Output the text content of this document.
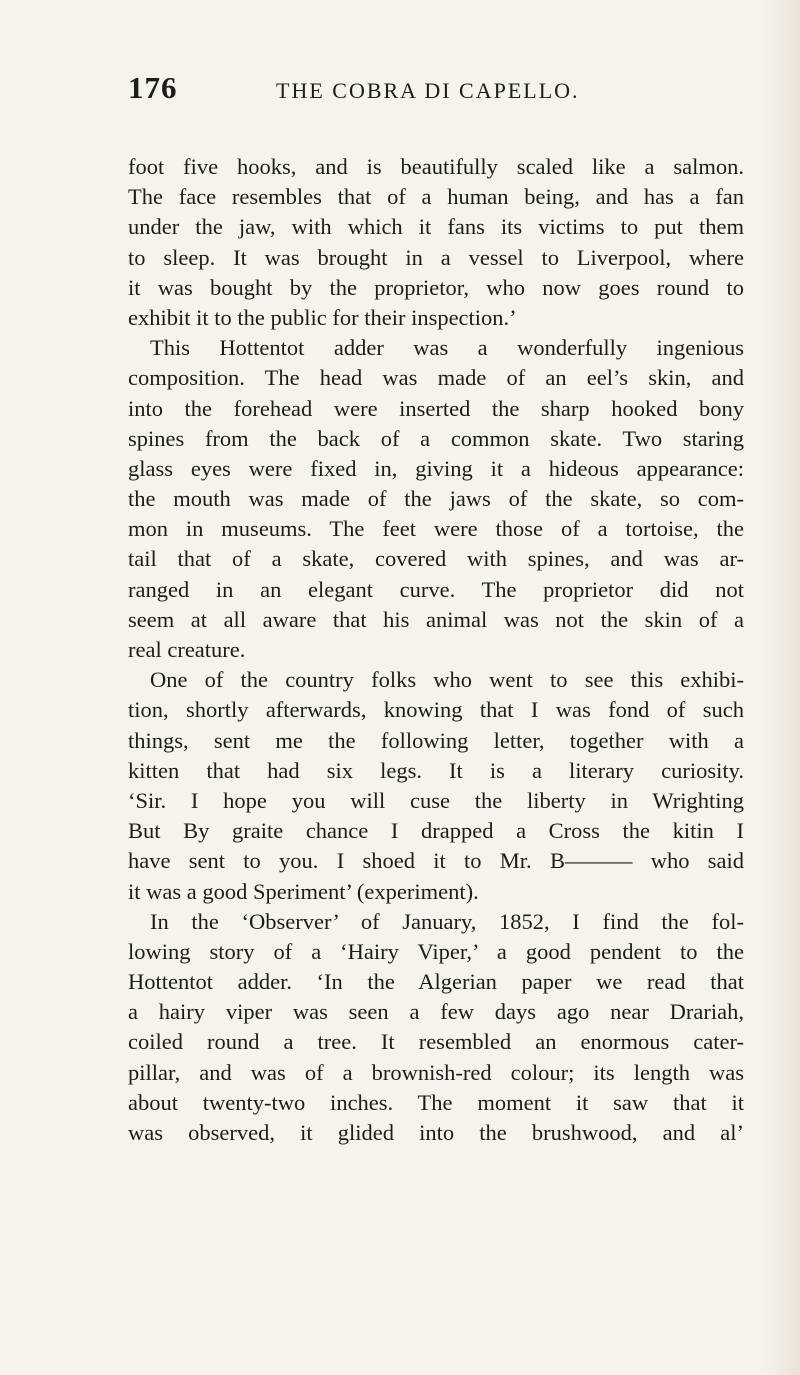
176	THE COBRA DI CAPELLO.
foot five hooks, and is beautifully scaled like a salmon.
The face resembles that of a human being, and has a fan
under the jaw, with which it fans its victims to put them
to sleep. It was brought in a vessel to Liverpool, where
it was bought by the proprietor, who now goes round to
exhibit it to the public for their inspection.’
This Hottentot adder was a wonderfully ingenious
composition. The head was made of an eel’s skin, and
into the forehead were inserted the sharp hooked bony
spines from the back of a common skate. Two staring
glass eyes were fixed in, giving it a hideous appearance:
the mouth was made of the jaws of the skate, so com-
mon in museums. The feet were those of a tortoise, the
tail that of a skate, covered with spines, and was ar-
ranged in an elegant curve. The proprietor did not
seem at all aware that his animal was not the skin of a
real creature.
One of the country folks who went to see this exhibi-
tion, shortly afterwards, knowing that I was fond of such
things, sent me the following letter, together with a
kitten that had six legs. It is a literary curiosity.
‘Sir. I hope you will cuse the liberty in Wrighting
But By graite chance I drapped a Cross the kitin I
have sent to you. I shoed it to Mr. B——— who said
it was a good Speriment’ (experiment).
In the ‘Observer’ of January, 1852, I find the fol-
lowing story of a ‘Hairy Viper,’ a good pendent to the
Hottentot adder. ‘In the Algerian paper we read that
a hairy viper was seen a few days ago near Drariah,
coiled round a tree. It resembled an enormous cater-
pillar, and was of a brownish-red colour; its length was
about twenty-two inches. The moment it saw that it
was observed, it glided into the brushwood, and al’
